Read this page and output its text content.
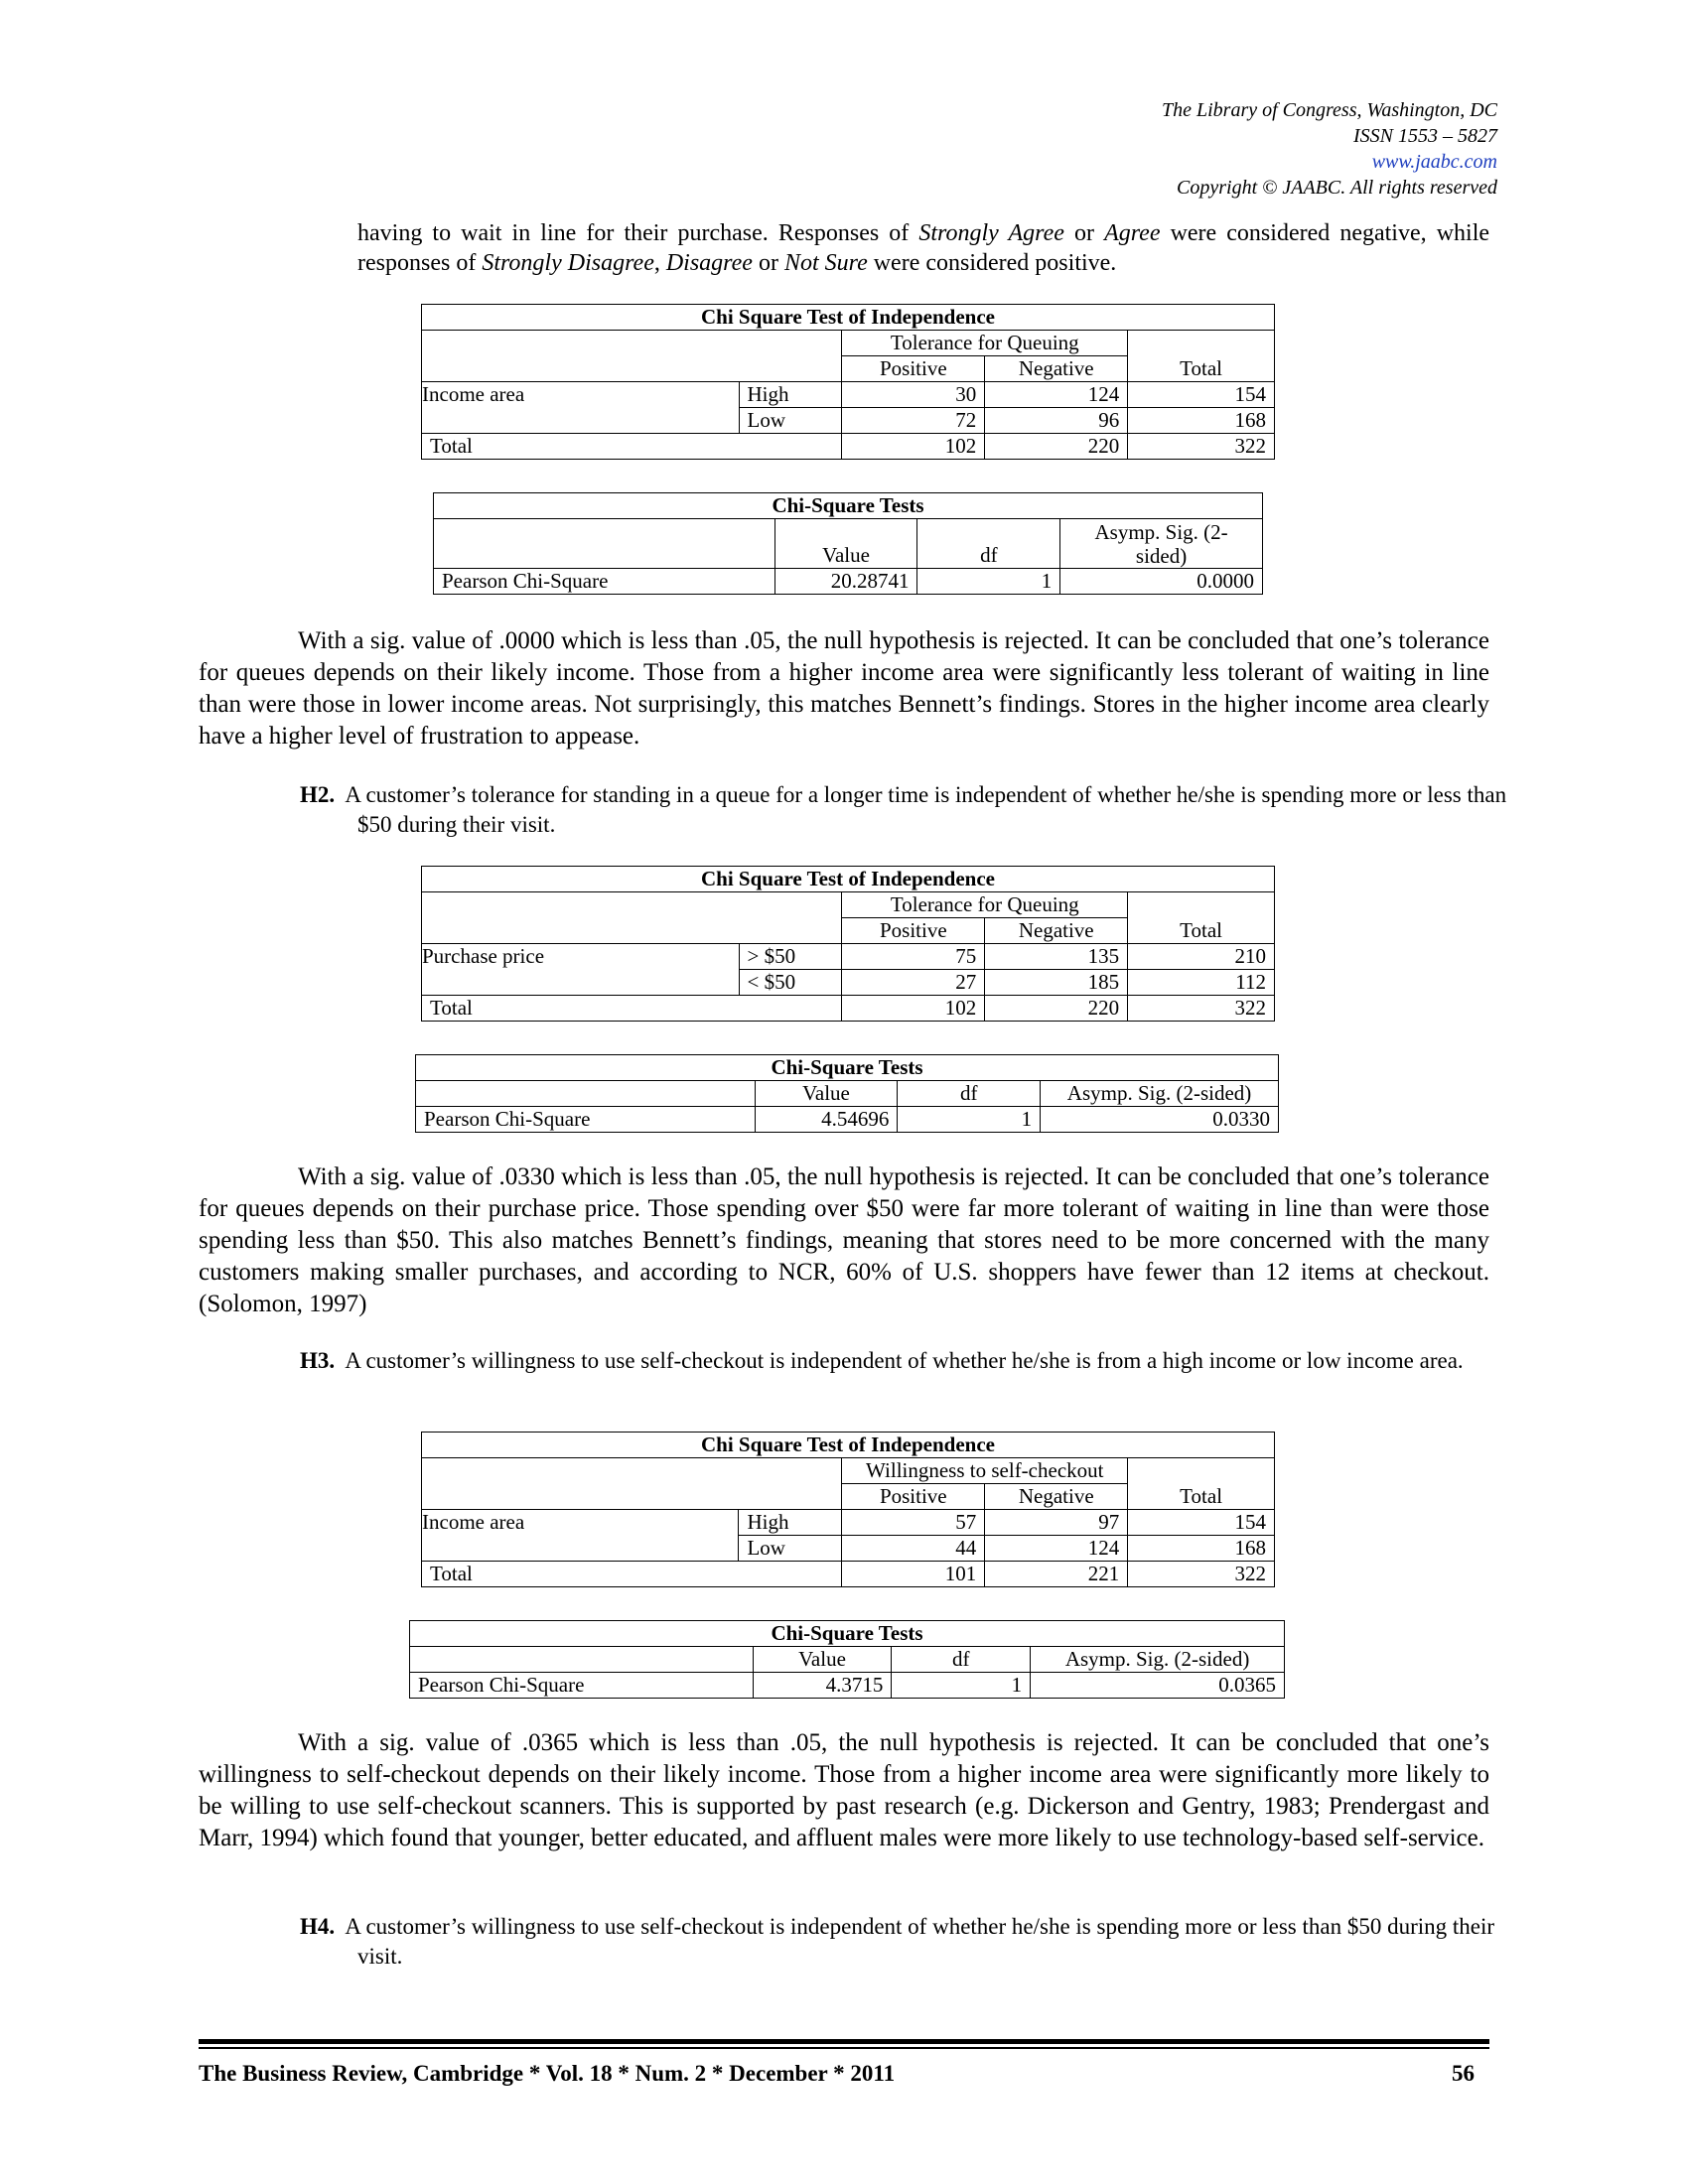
The Library of Congress, Washington, DC
ISSN 1553 – 5827
www.jaabc.com
Copyright © JAABC. All rights reserved

having to wait in line for their purchase. Responses of Strongly Agree or Agree were considered negative, while responses of Strongly Disagree, Disagree or Not Sure were considered positive.

Chi Square Test of Independence				
		Tolerance for Queuing		Total
		Positive	Negative	
Income area	High	30	124	154
	Low	72	96	168
Total		102	220	322
Chi-Square Tests			
	Value	df	Asymp. Sig. (2-sided)
Pearson Chi-Square	20.28741	1	0.0000

With a sig. value of .0000 which is less than .05, the null hypothesis is rejected. It can be concluded that one’s tolerance for queues depends on their likely income. Those from a higher income area were significantly less tolerant of waiting in line than were those in lower income areas. Not surprisingly, this matches Bennett’s findings. Stores in the higher income area clearly have a higher level of frustration to appease.

H2. A customer’s tolerance for standing in a queue for a longer time is independent of whether he/she is spending more or less than $50 during their visit.

Chi Square Test of Independence				
		Tolerance for Queuing		Total
		Positive	Negative	
Purchase price	> $50	75	135	210
	< $50	27	185	112
Total		102	220	322
Chi-Square Tests			
	Value	df	Asymp. Sig. (2-sided)
Pearson Chi-Square	4.54696	1	0.0330

With a sig. value of .0330 which is less than .05, the null hypothesis is rejected. It can be concluded that one’s tolerance for queues depends on their purchase price. Those spending over $50 were far more tolerant of waiting in line than were those spending less than $50. This also matches Bennett’s findings, meaning that stores need to be more concerned with the many customers making smaller purchases, and according to NCR, 60% of U.S. shoppers have fewer than 12 items at checkout. (Solomon, 1997)

H3. A customer’s willingness to use self-checkout is independent of whether he/she is from a high income or low income area.

Chi Square Test of Independence				
		Willingness to self-checkout		Total
		Positive	Negative	
Income area	High	57	97	154
	Low	44	124	168
Total		101	221	322
Chi-Square Tests			
	Value	df	Asymp. Sig. (2-sided)
Pearson Chi-Square	4.3715	1	0.0365

With a sig. value of .0365 which is less than .05, the null hypothesis is rejected. It can be concluded that one’s willingness to self-checkout depends on their likely income. Those from a higher income area were significantly more likely to be willing to use self-checkout scanners. This is supported by past research (e.g. Dickerson and Gentry, 1983; Prendergast and Marr, 1994) which found that younger, better educated, and affluent males were more likely to use technology-based self-service.

H4. A customer’s willingness to use self-checkout is independent of whether he/she is spending more or less than $50 during their visit.

The Business Review, Cambridge * Vol. 18 * Num. 2 * December * 2011	56
